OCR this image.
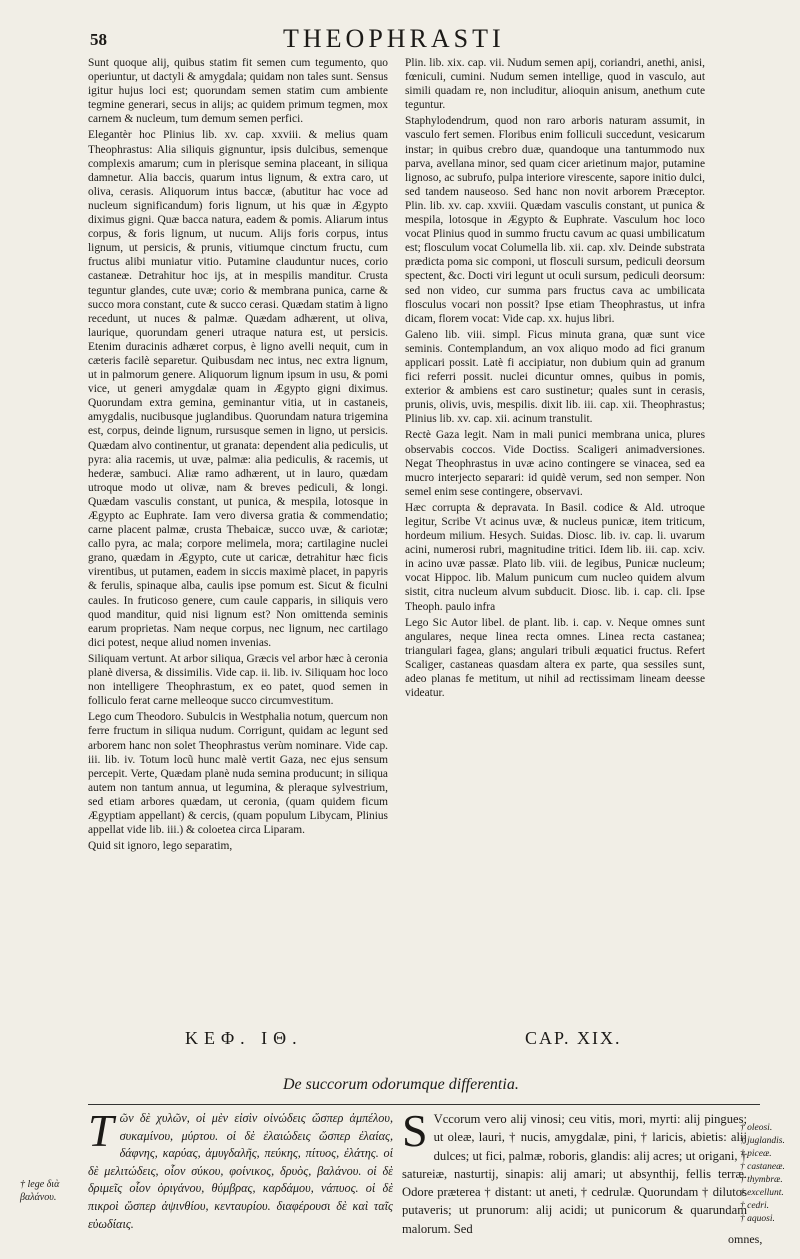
58	THEOPHRASTI

Sunt quoque alij, quibus statim fit semen cum tegumento, quo operiuntur, ut dactyli & amygdala; quidam non tales sunt. Sensus igitur hujus loci est; quorundam semen statim cum ambiente tegmine generari, secus in alijs; ac quidem primum tegmen, mox carnem & nucleum, tum demum semen perfici.

Elegantèr hoc Plinius lib. xv. cap. xxviii. & melius quam Theophrastus: Alia siliquis gignuntur, ipsis dulcibus, semenque complexis amarum; cum in plerisque semina placeant, in siliqua damnetur. Alia baccis, quarum intus lignum, & extra caro, ut oliva, cerasis. Aliquorum intus baccæ, (abutitur hac voce ad nucleum significandum) foris lignum, ut his quæ in Ægypto diximus gigni. Quæ bacca natura, eadem & pomis. Aliarum intus corpus, & foris lignum, ut nucum. Alijs foris corpus, intus lignum, ut persicis, & prunis, vitiumque cinctum fructu, cum fructus alibi muniatur vitio. Putamine clauduntur nuces, corio castaneæ. Detrahitur hoc ijs, at in mespilis manditur. Crusta teguntur glandes, cute uvæ; corio & membrana punica, carne & succo mora constant, cute & succo cerasi. Quædam statim à ligno recedunt, ut nuces & palmæ. Quædam adhærent, ut oliva, laurique, quorundam generi utraque natura est, ut persicis. Etenim duracinis adhæret corpus, è ligno avelli nequit, cum in cæteris facilè separetur. Quibusdam nec intus, nec extra lignum, ut in palmorum genere. Aliquorum lignum ipsum in usu, & pomi vice, ut generi amygdalæ quam in Ægypto gigni diximus. Quorundam extra gemina, geminantur vitia, ut in castaneis, amygdalis, nucibusque juglandibus. Quorundam natura trigemina est, corpus, deinde lignum, rursusque semen in ligno, ut persicis. Quædam alvo continentur, ut granata: dependent alia pediculis, ut pyra: alia racemis, ut uvæ, palmæ: alia pediculis, & racemis, ut hederæ, sambuci. Aliæ ramo adhærent, ut in lauro, quædam utroque modo ut olivæ, nam & breves pediculi, & longi. Quædam vasculis constant, ut punica, & mespila, lotosque in Ægypto ac Euphrate. Iam vero diversa gratia & commendatio; carne placent palmæ, crusta Thebaicæ, succo uvæ, & cariotæ; callo pyra, ac mala; corpore melimela, mora; cartilagine nuclei grano, quædam in Ægypto, cute ut caricæ, detrahitur hæc ficis virentibus, ut putamen, eadem in siccis maximè placet, in papyris & ferulis, spinaque alba, caulis ipse pomum est. Sicut & ficulni caules. In fruticoso genere, cum caule capparis, in siliquis vero quod manditur, quid nisi lignum est? Non omittenda seminis earum proprietas. Nam neque corpus, nec lignum, nec cartilago dici potest, neque aliud nomen invenias.

Siliquam vertunt. At arbor siliqua, Græcis vel arbor hæc à ceronia planè diversa, & dissimilis. Vide cap. ii. lib. iv. Siliquam hoc loco non intelligere Theophrastum, ex eo patet, quod semen in folliculo ferat carne melleoque succo circumvestitum.

Lego cum Theodoro. Subulcis in Westphalia notum, quercum non ferre fructum in siliqua nudum. Corrigunt, quidam ac legunt sed arborem hanc non solet Theophrastus verùm nominare. Vide cap. iii. lib. iv. Totum locũ hunc malè vertit Gaza, nec ejus sensum percepit. Verte, Quædam planè nuda semina producunt; in siliqua autem non tantum annua, ut legumina, & pleraque sylvestrium, sed etiam arbores quædam, ut ceronia, (quam quidem ficum Ægyptiam appellant) & cercis, (quam populum Libycam, Plinius appellat vide lib. iii.) & coloetea circa Liparam.

Quid sit ignoro, lego separatim,

Plin. lib. xix. cap. vii. Nudum semen apij, coriandri, anethi, anisi, fœniculi, cumini. Nudum semen intellige, quod in vasculo, aut simili quadam re, non includitur, alioquin anisum, anethum cute teguntur.

Staphylodendrum, quod non raro arboris naturam assumit, in vasculo fert semen. Floribus enim folliculi succedunt, vesicarum instar; in quibus crebro duæ, quandoque una tantummodo nux parva, avellana minor, sed quam cicer arietinum major, putamine lignoso, ac subrufo, pulpa interiore virescente, sapore initio dulci, sed tandem nauseoso. Sed hanc non novit arborem Præceptor. Plin. lib. xv. cap. xxviii. Quædam vasculis constant, ut punica & mespila, lotosque in Ægypto & Euphrate. Vasculum hoc loco vocat Plinius quod in summo fructu cavum ac quasi umbilicatum est; flosculum vocat Columella lib. xii. cap. xlv. Deinde substrata prædicta poma sic componi, ut flosculi sursum, pediculi deorsum spectent, &c. Docti viri legunt ut oculi sursum, pediculi deorsum: sed non video, cur summa pars fructus cava ac umbilicata flosculus vocari non possit? Ipse etiam Theophrastus, ut infra dicam, florem vocat: Vide cap. xx. hujus libri.

Galeno lib. viii. simpl. Ficus minuta grana, quæ sunt vice seminis. Contemplandum, an vox aliquo modo ad fici granum applicari possit. Latè fi accipiatur, non dubium quin ad granum fici referri possit. nuclei dicuntur omnes, quibus in pomis, exterior & ambiens est caro sustinetur; quales sunt in cerasis, prunis, olivis, uvis, mespilis. dixit lib. iii. cap. xii. Theophrastus; Plinius lib. xv. cap. xii. acinum transtulit.

Rectè Gaza legit. Nam in mali punici membrana unica, plures observabis coccos. Vide Doctiss. Scaligeri animadversiones. Negat Theophrastus in uvæ acino contingere se vinacea, sed ea mucro interjecto separari: id quidè verum, sed non semper. Non semel enim sese contingere, observavi.

Hæc corrupta & depravata. In Basil. codice & Ald. utroque legitur, Scribe Vt acinus uvæ, & nucleus punicæ, item triticum, hordeum milium. Hesych. Suidas. Diosc. lib. iv. cap. li. uvarum acini, numerosi rubri, magnitudine tritici. Idem lib. iii. cap. xciv. in acino uvæ passæ. Plato lib. viii. de legibus, Punicæ nucleum; vocat Hippoc. lib. Malum punicum cum nucleo quidem alvum sistit, citra nucleum alvum subducit. Diosc. lib. i. cap. cli. Ipse Theoph. paulo infra

Lego Sic Autor libel. de plant. lib. i. cap. v. Neque omnes sunt angulares, neque linea recta omnes. Linea recta castanea; triangulari fagea, glans; angulari tribuli æquatici fructus. Refert Scaliger, castaneas quasdam altera ex parte, qua sessiles sunt, adeo planas fe metitum, ut nihil ad rectissimam lineam deesse videatur.

ΚΕΦ. ΙΘ.	CAP. XIX.
De succorum odorumque differentia.
Τῶν δὲ χυλῶν, οἱ μὲν εἰσὶν οἰνώδεις ὥσπερ ἀμπέλου, συκαμίνου, μύρτου. οἱ δὲ ἐλαιώδεις ὥσπερ ἐλαίας, δάφνης, καρύας, ἀμυγδαλῆς, πεύκης, πίτυος, ἐλάτης. οἱ δὲ μελιτώδεις, οἷον σύκου, φοίνικος, δρυὸς, βαλάνου. οἱ δὲ δριμεῖς οἷον ὀριγάνου, θύμβρας, καρδάμου, νάπυος. οἱ δὲ πικροὶ ὥσπερ ἀψινθίου, κενταυρίου. διαφέρουσι δὲ καὶ ταῖς εὐωδίαις.
S Vccorum vero alij vinosi; ceu vitis, mori, myrti: alij pingues; ut oleæ, lauri, † nucis, amygdalæ, pini, † laricis, abietis: alij dulces; ut fici, palmæ, roboris, glandis: alij acres; ut origani, † satureiæ, nasturtij, sinapis: alij amari; ut absynthij, fellis terræ. Odore præterea † distant: ut aneti, † cedrulæ. Quorundam † dilutos putaveris; ut prunorum: alij acidi; ut punicorum & quarundam malorum. Sed
† lege διὰ βαλάνου.
† oleosi.
† juglandis.
† piceæ.
† castaneæ.
† thymbræ.
† excellunt.
† cedri.
† aquosi.
omnes,
